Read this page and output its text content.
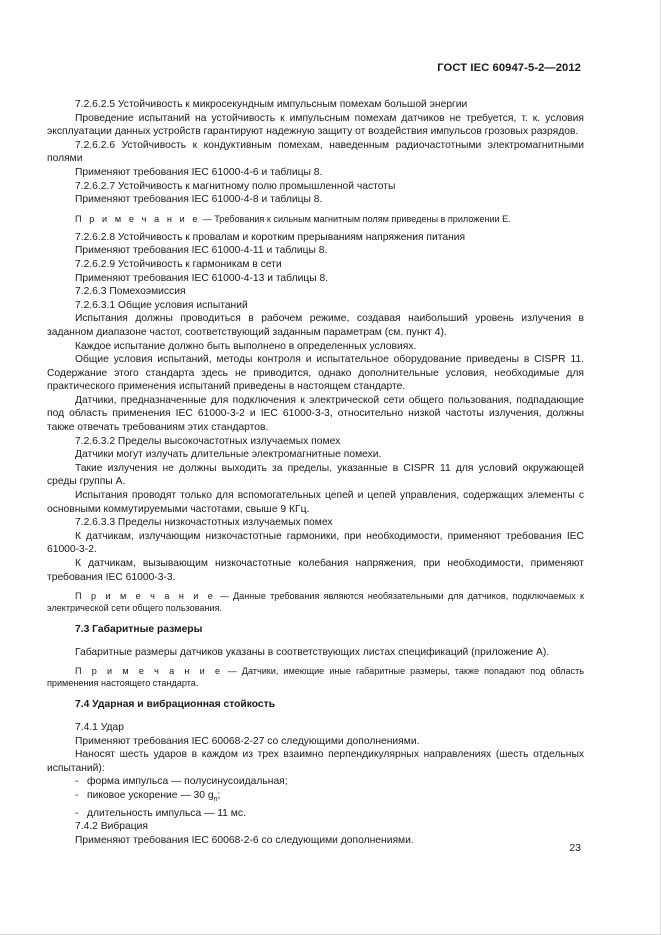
ГОСТ IEC 60947-5-2—2012

7.2.6.2.5 Устойчивость к микросекундным импульсным помехам большой энергии

Проведение испытаний на устойчивость к импульсным помехам датчиков не требуется, т. к. условия эксплуатации данных устройств гарантируют надежную защиту от воздействия импульсов грозовых разрядов.

7.2.6.2.6 Устойчивость к кондуктивным помехам, наведенным радиочастотными электромагнитными полями

Применяют требования IEC 61000-4-6 и таблицы 8.

7.2.6.2.7 Устойчивость к магнитному полю промышленной частоты

Применяют требования IEC 61000-4-8 и таблицы 8.

П р и м е ч а н и е — Требования к сильным магнитным полям приведены в приложении Е.

7.2.6.2.8 Устойчивость к провалам и коротким прерываниям напряжения питания

Применяют требования IEC 61000-4-11 и таблицы 8.

7.2.6.2.9 Устойчивость к гармоникам в сети

Применяют требования IEC 61000-4-13 и таблицы 8.

7.2.6.3 Помехоэмиссия

7.2.6.3.1 Общие условия испытаний

Испытания должны проводиться в рабочем режиме, создавая наибольший уровень излучения в заданном диапазоне частот, соответствующий заданным параметрам (см. пункт 4).

Каждое испытание должно быть выполнено в определенных условиях.

Общие условия испытаний, методы контроля и испытательное оборудование приведены в CISPR 11. Содержание этого стандарта здесь не приводится, однако дополнительные условия, необходимые для практического применения испытаний приведены в настоящем стандарте.

Датчики, предназначенные для подключения к электрической сети общего пользования, подпадающие под область применения IEC 61000-3-2 и IEC 61000-3-3, относительно низкой частоты излучения, должны также отвечать требованиям этих стандартов.

7.2.6.3.2 Пределы высокочастотных излучаемых помех

Датчики могут излучать длительные электромагнитные помехи.

Такие излучения не должны выходить за пределы, указанные в CISPR 11 для условий окружающей среды группы А.

Испытания проводят только для вспомогательных цепей и цепей управления, содержащих элементы с основными коммутируемыми частотами, свыше 9 КГц.

7.2.6.3.3 Пределы низкочастотных излучаемых помех

К датчикам, излучающим низкочастотные гармоники, при необходимости, применяют требования IEC 61000-3-2.

К датчикам, вызывающим низкочастотные колебания напряжения, при необходимости, применяют требования IEC 61000-3-3.

П р и м е ч а н и е — Данные требования являются необязательными для датчиков, подключаемых к электрической сети общего пользования.

7.3 Габаритные размеры

Габаритные размеры датчиков указаны в соответствующих листах спецификаций (приложение А).

П р и м е ч а н и е — Датчики, имеющие иные габаритные размеры, также попадают под область применения настоящего стандарта.

7.4 Ударная и вибрационная стойкость

7.4.1 Удар

Применяют требования IEC 60068-2-27 со следующими дополнениями.

Наносят шесть ударов в каждом из трех взаимно перпендикулярных направлениях (шесть отдельных испытаний):

- форма импульса — полусинусоидальная;

- пиковое ускорение — 30 $g_n$;

- длительность импульса — 11 мс.

7.4.2 Вибрация

Применяют требования IEC 60068-2-6 со следующими дополнениями.

23
